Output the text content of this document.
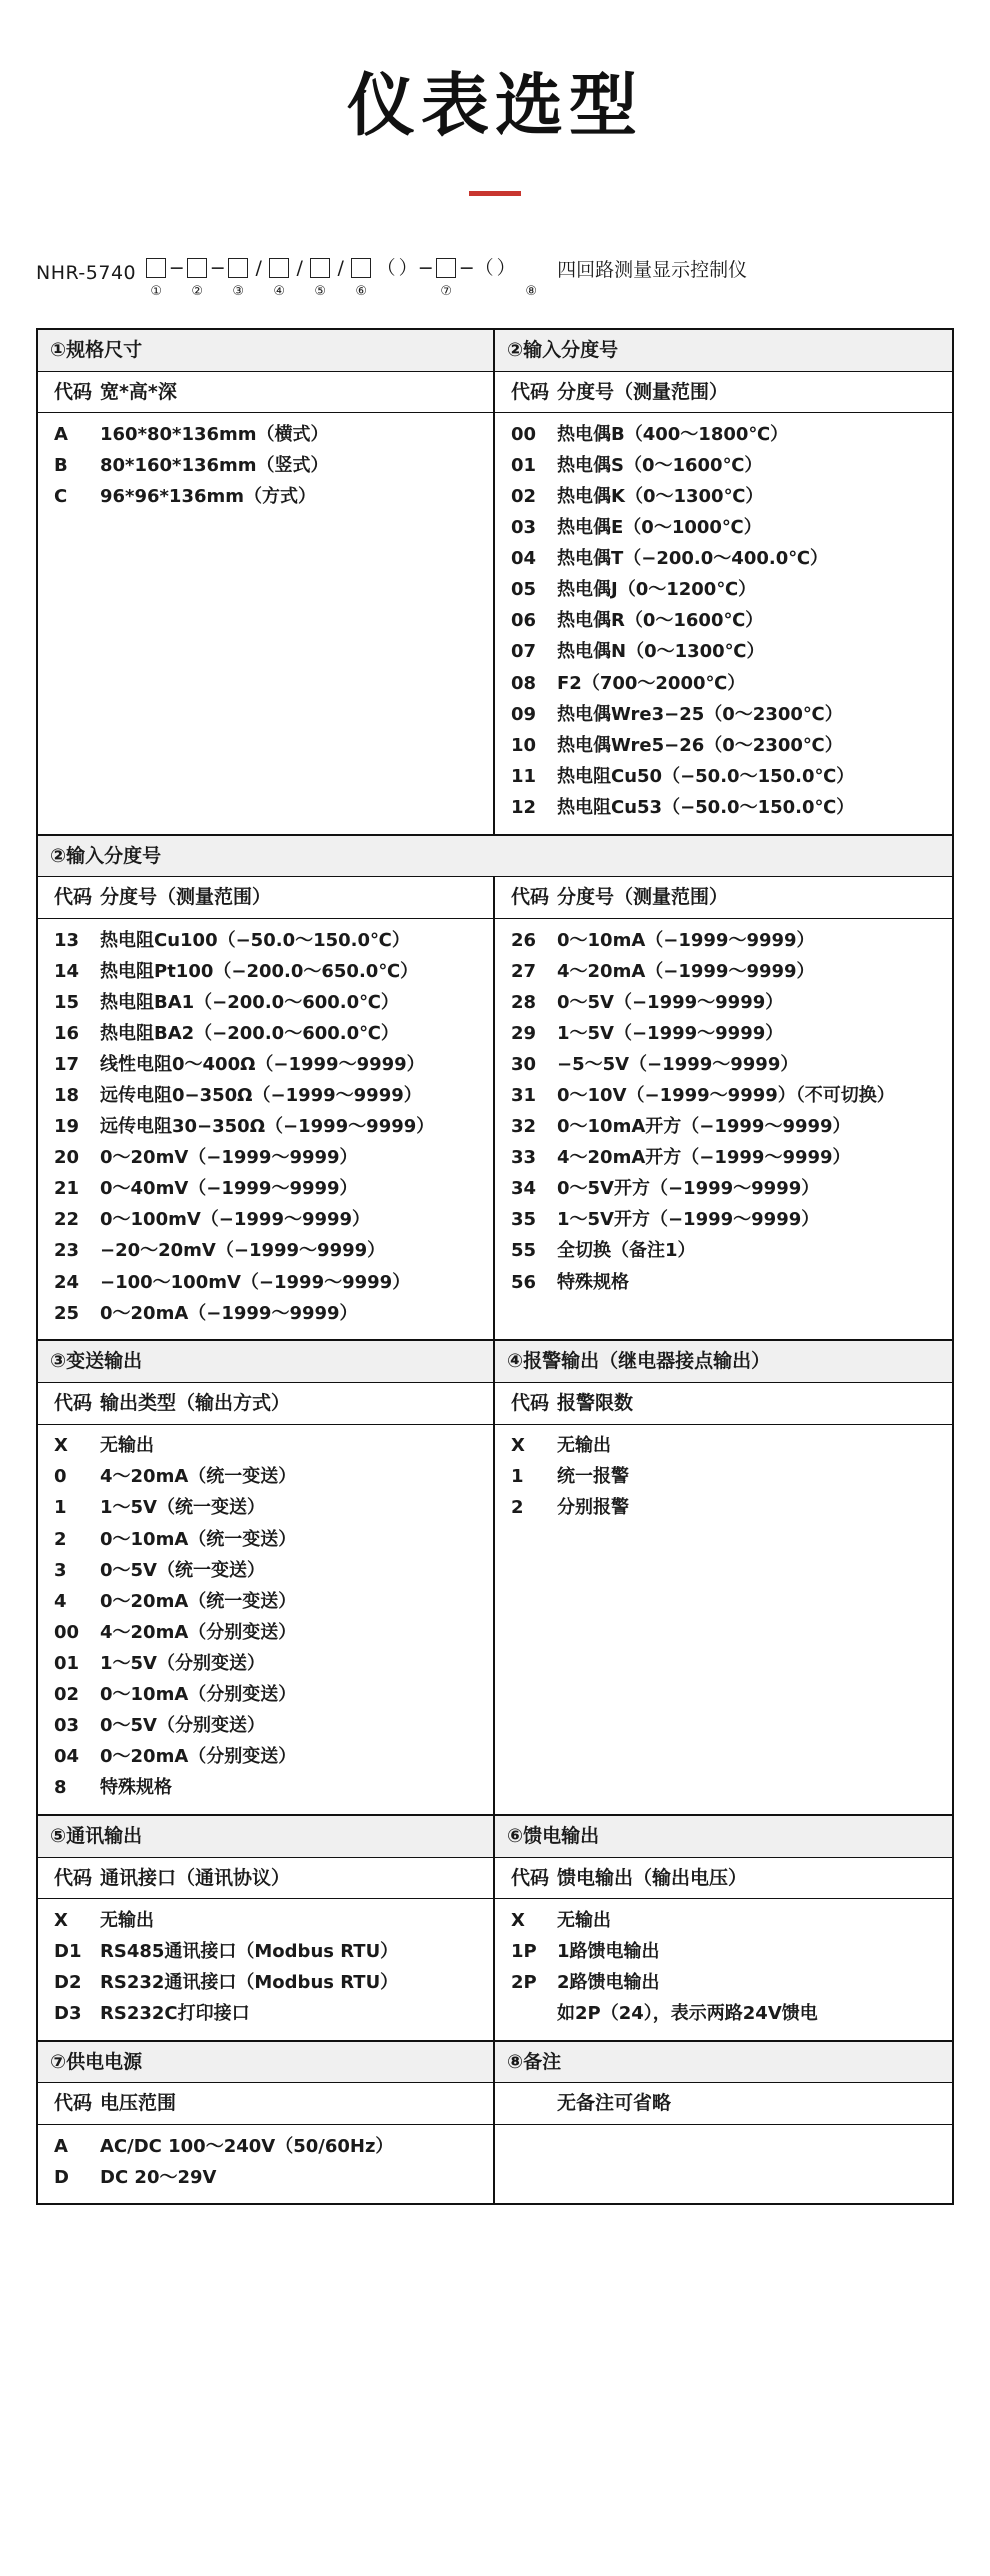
仪表选型
NHR-5740
①
−
②
−
③
/
④
/
⑤
/
⑥
（ ） −
⑦
− （ ）
⑧
四回路测量显示控制仪
①规格尺寸
代码 宽*高*深
A	160*80*136mm（横式）
B	80*160*136mm（竖式）
C	96*96*136mm（方式）
②输入分度号
代码 分度号（测量范围）
00	热电偶B（400～1800℃）
01	热电偶S（0～1600℃）
02	热电偶K（0～1300℃）
03	热电偶E（0～1000℃）
04	热电偶T（−200.0～400.0℃）
05	热电偶J（0～1200℃）
06	热电偶R（0～1600℃）
07	热电偶N（0～1300℃）
08	F2（700～2000℃）
09	热电偶Wre3−25（0～2300℃）
10	热电偶Wre5−26（0～2300℃）
11	热电阻Cu50（−50.0～150.0℃）
12	热电阻Cu53（−50.0～150.0℃）
②输入分度号
代码 分度号（测量范围）
13	热电阻Cu100（−50.0～150.0℃）
14	热电阻Pt100（−200.0～650.0℃）
15	热电阻BA1（−200.0～600.0℃）
16	热电阻BA2（−200.0～600.0℃）
17	线性电阻0～400Ω（−1999～9999）
18	远传电阻0−350Ω（−1999～9999）
19	远传电阻30−350Ω（−1999～9999）
20	0～20mV（−1999～9999）
21	0～40mV（−1999～9999）
22	0～100mV（−1999～9999）
23	−20～20mV（−1999～9999）
24	−100～100mV（−1999～9999）
25	0～20mA（−1999～9999）
代码 分度号（测量范围）
26	0～10mA（−1999～9999）
27	4～20mA（−1999～9999）
28	0～5V（−1999～9999）
29	1～5V（−1999～9999）
30	−5～5V（−1999～9999）
31	0～10V（−1999～9999）（不可切换）
32	0～10mA开方（−1999～9999）
33	4～20mA开方（−1999～9999）
34	0～5V开方（−1999～9999）
35	1～5V开方（−1999～9999）
55	全切换（备注1）
56	特殊规格
③变送输出
代码 输出类型（输出方式）
X	无输出
0	4～20mA（统一变送）
1	1～5V（统一变送）
2	0～10mA（统一变送）
3	0～5V（统一变送）
4	0～20mA（统一变送）
00	4～20mA（分别变送）
01	1～5V（分别变送）
02	0～10mA（分别变送）
03	0～5V（分别变送）
04	0～20mA（分别变送）
8	特殊规格
④报警输出（继电器接点输出）
代码 报警限数
X	无输出
1	统一报警
2	分别报警
⑤通讯输出
代码 通讯接口（通讯协议）
X	无输出
D1	RS485通讯接口（Modbus RTU）
D2	RS232通讯接口（Modbus RTU）
D3	RS232C打印接口
⑥馈电输出
代码 馈电输出（输出电压）
X	无输出
1P	1路馈电输出
2P	2路馈电输出
如2P（24），表示两路24V馈电
⑦供电电源
代码 电压范围
A	AC/DC 100～240V（50/60Hz）
D	DC 20～29V
⑧备注
无备注可省略
